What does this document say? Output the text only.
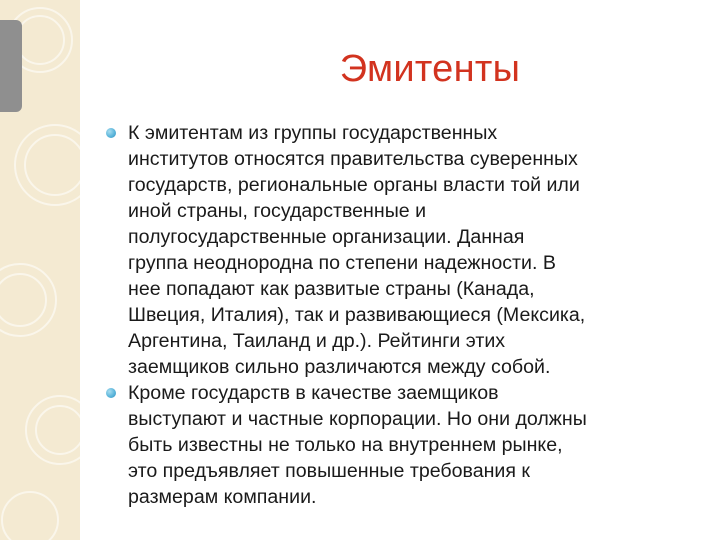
Эмитенты

К эмитентам из группы государственных
институтов относятся правительства суверенных
государств, региональные органы власти той или
иной страны, государственные и
полугосударственные организации. Данная
группа неоднородна по степени надежности. В
нее попадают как развитые страны (Канада,
Швеция, Италия), так и развивающиеся (Мексика,
Аргентина, Таиланд и др.). Рейтинги этих
заемщиков сильно различаются между собой.

Кроме государств в качестве заемщиков
выступают и частные корпорации. Но они должны
быть известны не только на внутреннем рынке,
это предъявляет повышенные требования к
размерам компании.
